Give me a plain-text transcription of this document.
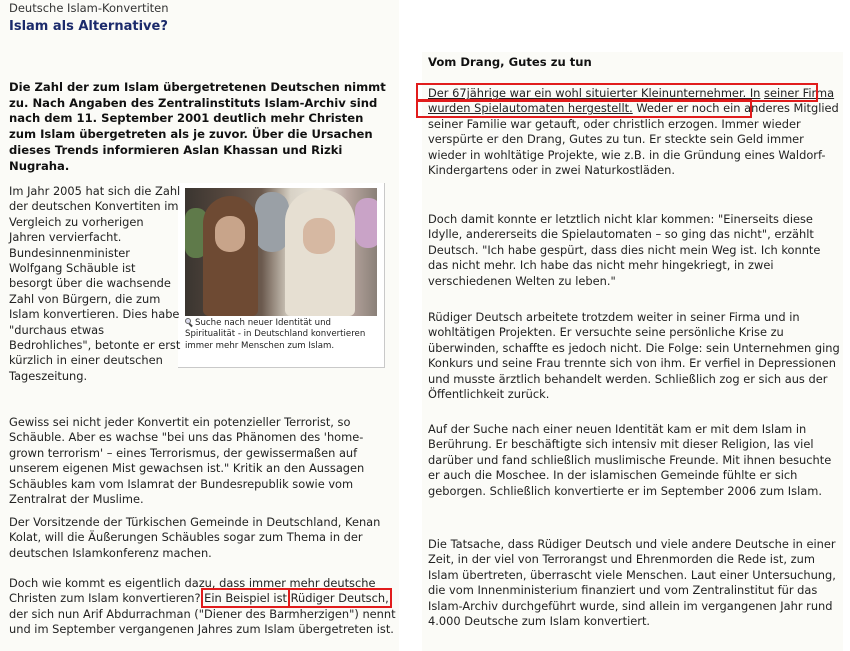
Deutsche Islam-Konvertiten
Islam als Alternative?
Die Zahl der zum Islam übergetretenen Deutschen nimmt zu. Nach Angaben des Zentralinstituts Islam-Archiv sind nach dem 11. September 2001 deutlich mehr Christen zum Islam übergetreten als je zuvor. Über die Ursachen dieses Trends informieren Aslan Khassan und Rizki Nugraha.
Suche nach neuer Identität und Spiritualität - in Deutschland konvertieren immer mehr Menschen zum Islam.
Im Jahr 2005 hat sich die Zahl der deutschen Konvertiten im Vergleich zu vorherigen Jahren vervierfacht. Bundesinnenminister Wolfgang Schäuble ist besorgt über die wachsende Zahl von Bürgern, die zum Islam konvertieren. Dies habe "durchaus etwas Bedrohliches", betonte er erst kürzlich in einer deutschen Tageszeitung.
Gewiss sei nicht jeder Konvertit ein potenzieller Terrorist, so Schäuble. Aber es wachse "bei uns das Phänomen des 'home-grown terrorism' – eines Terrorismus, der gewissermaßen auf unserem eigenen Mist gewachsen ist." Kritik an den Aussagen Schäubles kam vom Islamrat der Bundesrepublik sowie vom Zentralrat der Muslime.
Der Vorsitzende der Türkischen Gemeinde in Deutschland, Kenan Kolat, will die Äußerungen Schäubles sogar zum Thema in der deutschen Islamkonferenz machen.
Doch wie kommt es eigentlich dazu, dass immer mehr deutsche Christen zum Islam konvertieren? Ein Beispiel ist Rüdiger Deutsch, der sich nun Arif Abdurrachman ("Diener des Barmherzigen") nennt und im September vergangenen Jahres zum Islam übergetreten ist.
Vom Drang, Gutes zu tun
Der 67jährige war ein wohl situierter Kleinunternehmer. In seiner Firma wurden Spielautomaten hergestellt. Weder er noch ein anderes Mitglied seiner Familie war getauft, oder christlich erzogen. Immer wieder verspürte er den Drang, Gutes zu tun. Er steckte sein Geld immer wieder in wohltätige Projekte, wie z.B. in die Gründung eines Waldorf-Kindergartens oder in zwei Naturkostläden.
Doch damit konnte er letztlich nicht klar kommen: "Einerseits diese Idylle, andererseits die Spielautomaten – so ging das nicht", erzählt Deutsch. "Ich habe gespürt, dass dies nicht mein Weg ist. Ich konnte das nicht mehr. Ich habe das nicht mehr hingekriegt, in zwei verschiedenen Welten zu leben."
Rüdiger Deutsch arbeitete trotzdem weiter in seiner Firma und in wohltätigen Projekten. Er versuchte seine persönliche Krise zu überwinden, schaffte es jedoch nicht. Die Folge: sein Unternehmen ging Konkurs und seine Frau trennte sich von ihm. Er verfiel in Depressionen und musste ärztlich behandelt werden. Schließlich zog er sich aus der Öffentlichkeit zurück.
Auf der Suche nach einer neuen Identität kam er mit dem Islam in Berührung. Er beschäftigte sich intensiv mit dieser Religion, las viel darüber und fand schließlich muslimische Freunde. Mit ihnen besuchte er auch die Moschee. In der islamischen Gemeinde fühlte er sich geborgen. Schließlich konvertierte er im September 2006 zum Islam.
Die Tatsache, dass Rüdiger Deutsch und viele andere Deutsche in einer Zeit, in der viel von Terrorangst und Ehrenmorden die Rede ist, zum Islam übertreten, überrascht viele Menschen. Laut einer Untersuchung, die vom Innenministerium finanziert und vom Zentralinstitut für das Islam-Archiv durchgeführt wurde, sind allein im vergangenen Jahr rund 4.000 Deutsche zum Islam konvertiert.
